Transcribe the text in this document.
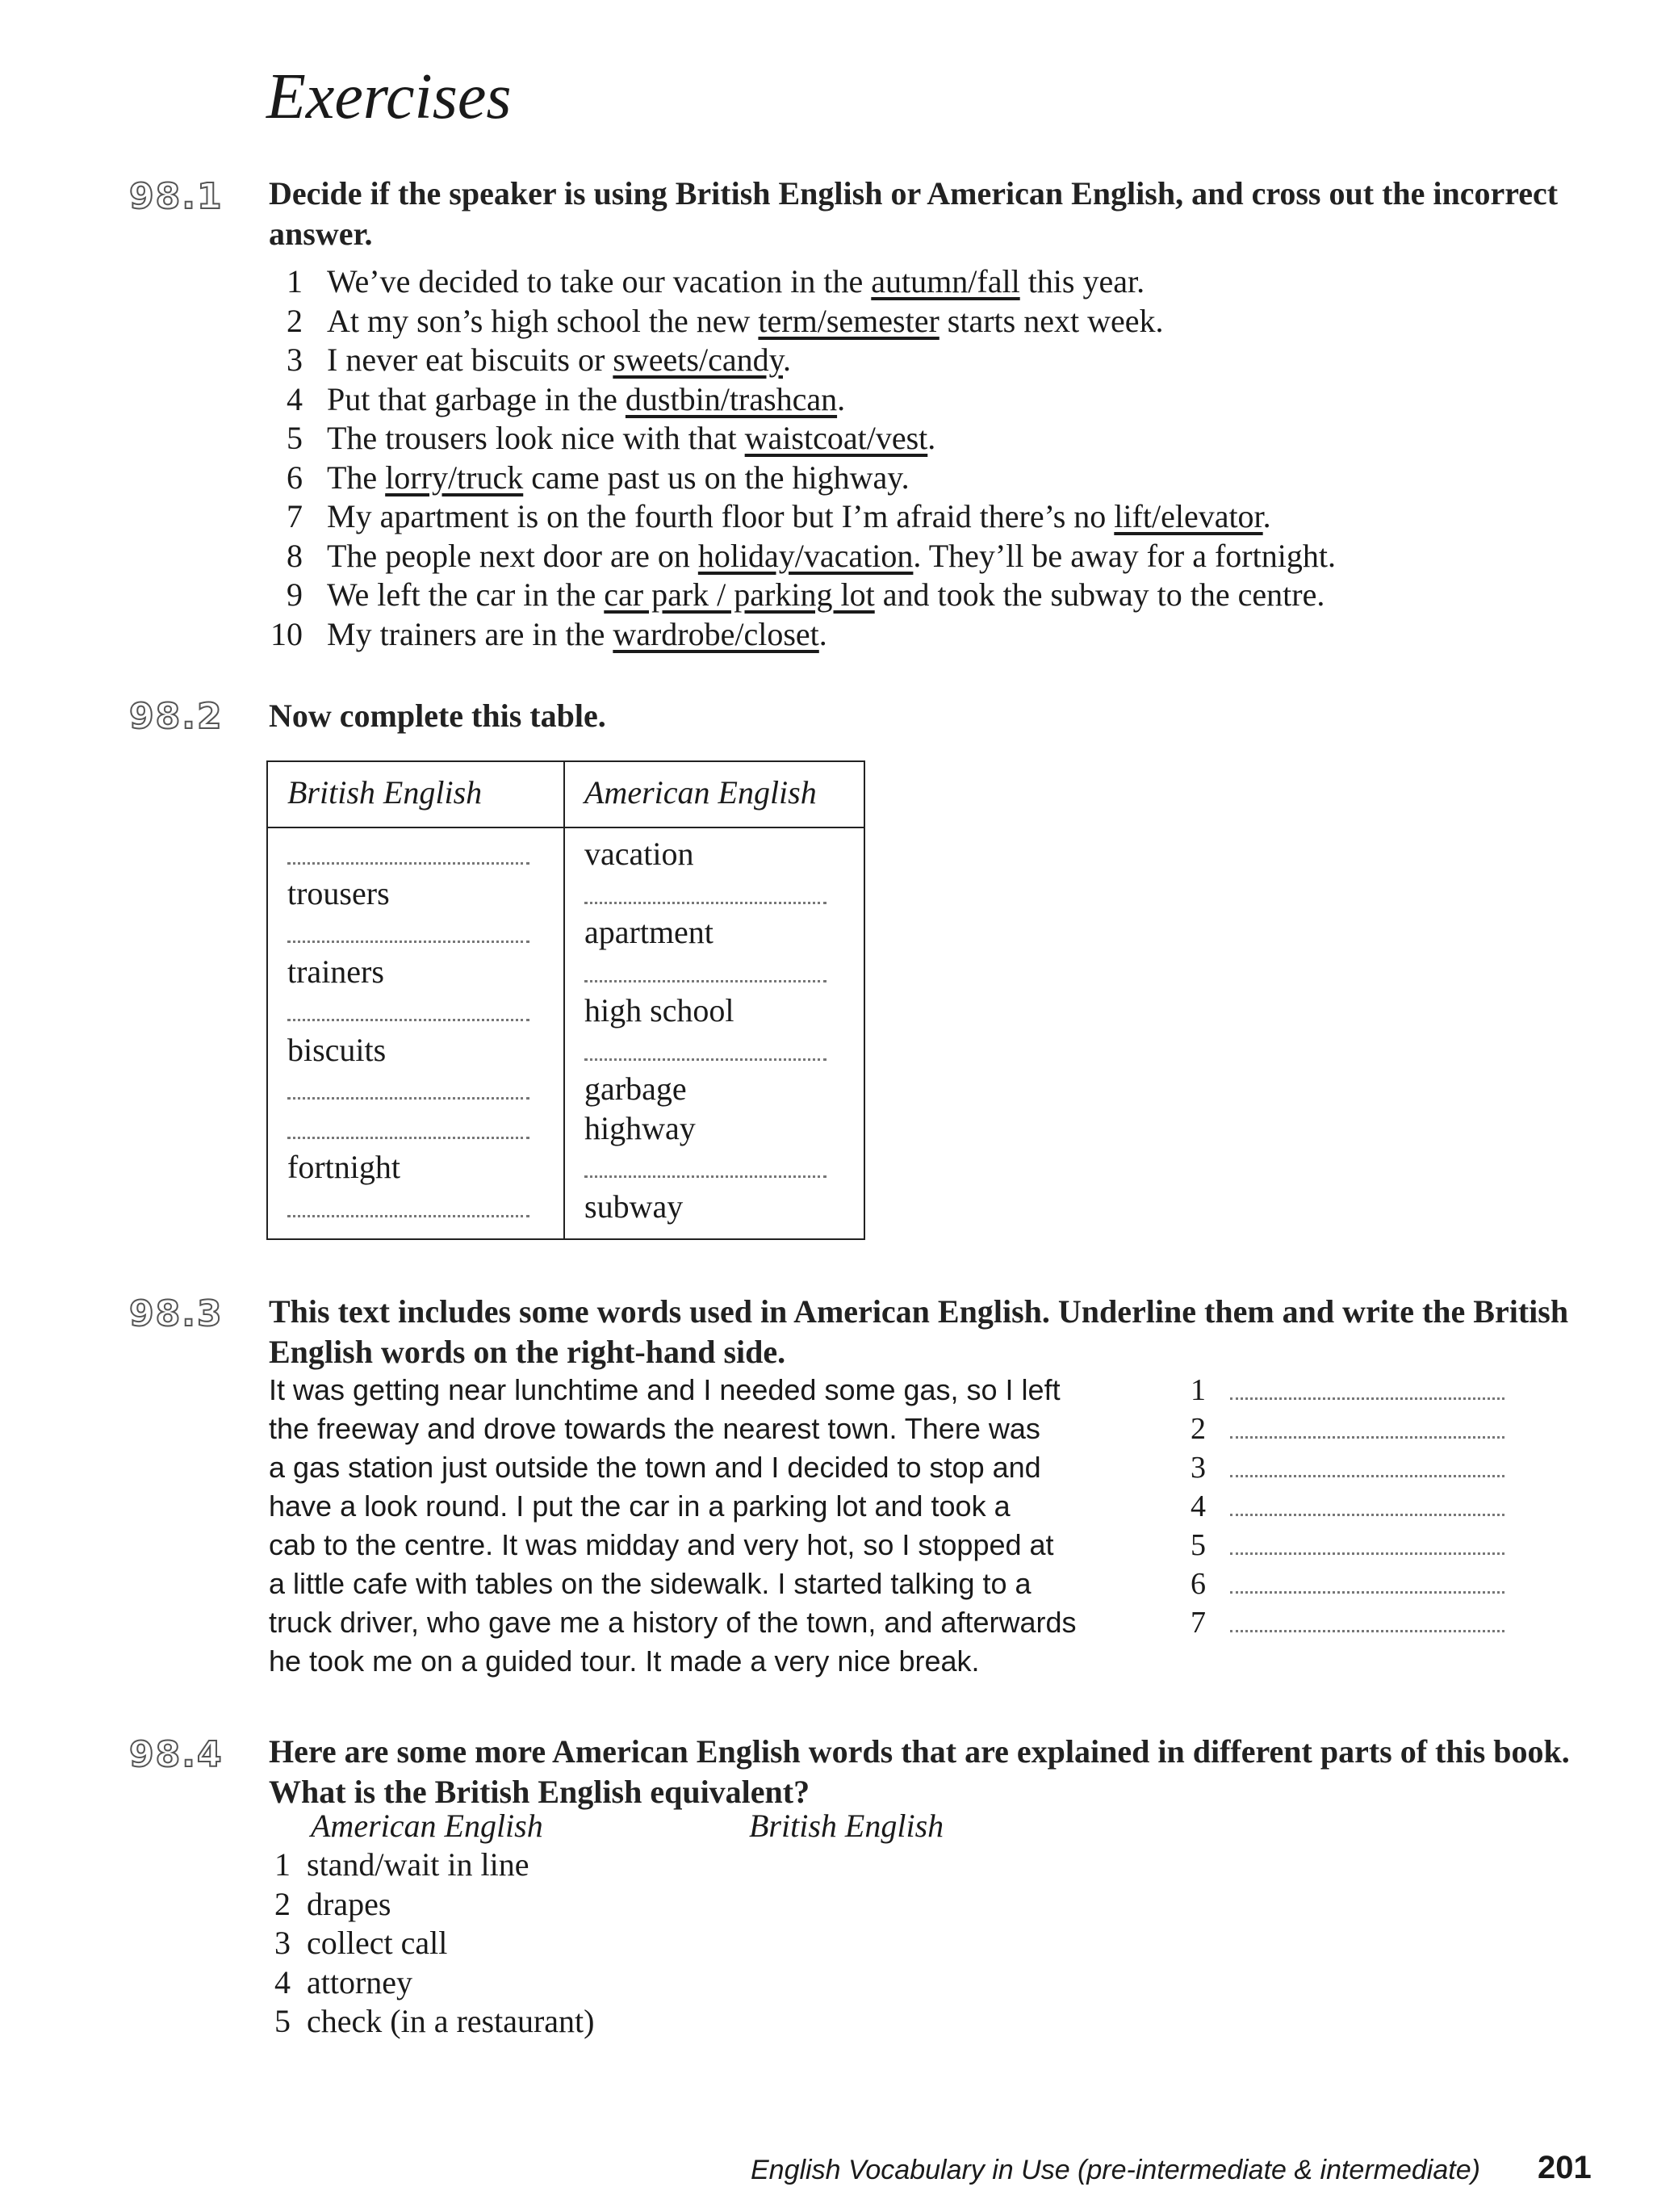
Exercises
98.1 Decide if the speaker is using British English or American English, and cross out the incorrect answer.
1 We’ve decided to take our vacation in the autumn/fall this year.
2 At my son’s high school the new term/semester starts next week.
3 I never eat biscuits or sweets/candy.
4 Put that garbage in the dustbin/trashcan.
5 The trousers look nice with that waistcoat/vest.
6 The lorry/truck came past us on the highway.
7 My apartment is on the fourth floor but I’m afraid there’s no lift/elevator.
8 The people next door are on holiday/vacation. They’ll be away for a fortnight.
9 We left the car in the car park / parking lot and took the subway to the centre.
10 My trainers are in the wardrobe/closet.
98.2 Now complete this table.
British English	American English
trousers
trainers
biscuits
fortnight
vacation
apartment
high school
garbage
highway
subway
98.3 This text includes some words used in American English. Underline them and write the British English words on the right-hand side.
It was getting near lunchtime and I needed some gas, so I left
the freeway and drove towards the nearest town. There was
a gas station just outside the town and I decided to stop and
have a look round. I put the car in a parking lot and took a
cab to the centre. It was midday and very hot, so I stopped at
a little cafe with tables on the sidewalk. I started talking to a
truck driver, who gave me a history of the town, and afterwards
he took me on a guided tour. It made a very nice break.
1
2
3
4
5
6
7
98.4 Here are some more American English words that are explained in different parts of this book. What is the British English equivalent?
American English	British English
1 stand/wait in line
2 drapes
3 collect call
4 attorney
5 check (in a restaurant)
English Vocabulary in Use (pre-intermediate & intermediate) 201
